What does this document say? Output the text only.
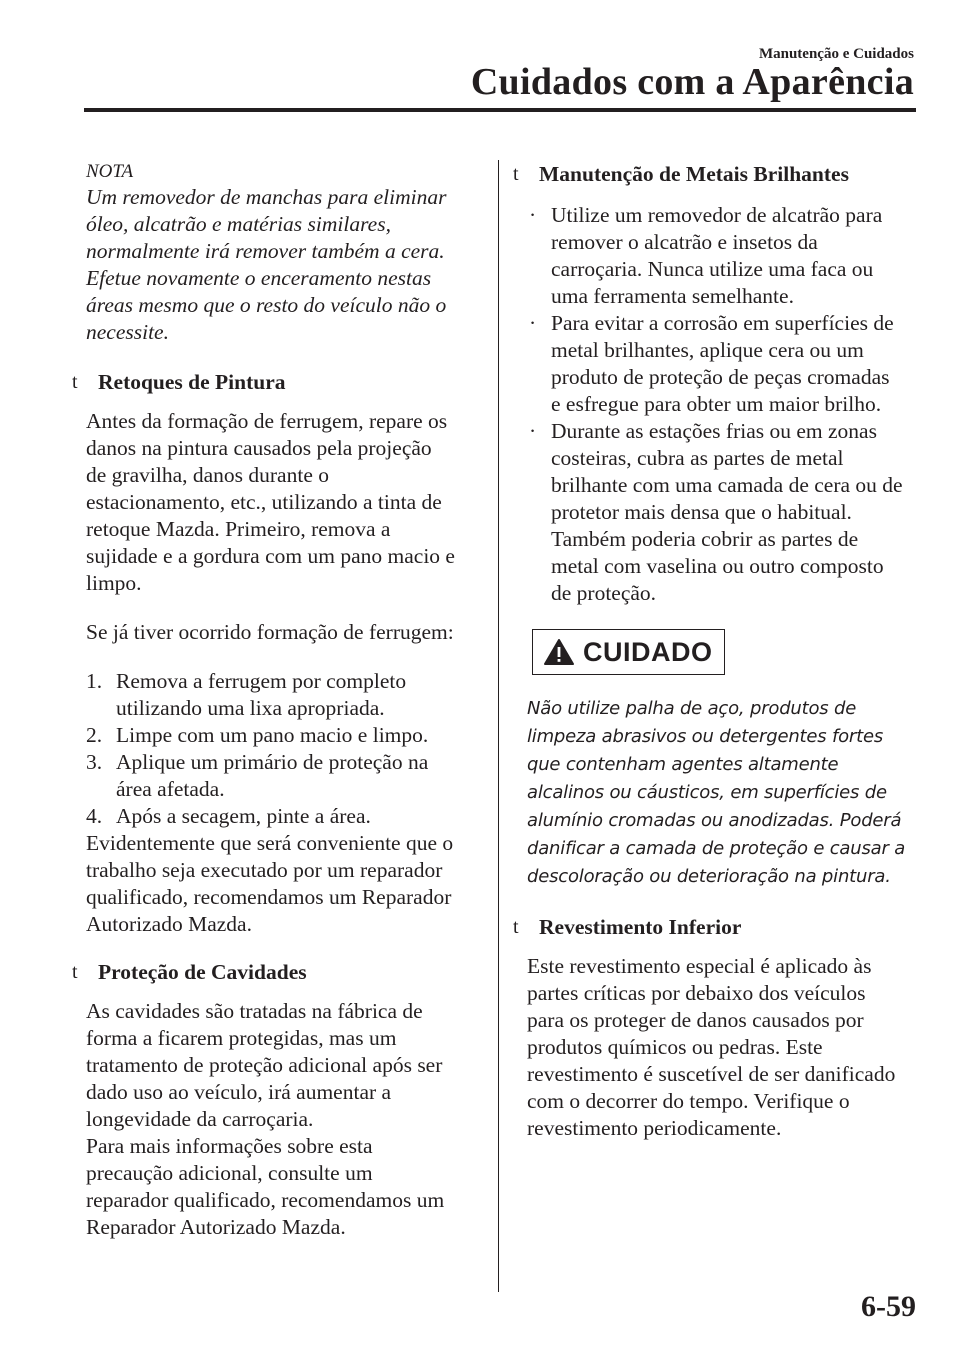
Manutenção e Cuidados
Cuidados com a Aparência

NOTA

Um removedor de manchas para eliminar

óleo, alcatrão e matérias similares,

normalmente irá remover também a cera.

Efetue novamente o enceramento nestas

áreas mesmo que o resto do veículo não o

necessite.

t Retoques de Pintura

Antes da formação de ferrugem, repare os

danos na pintura causados pela projeção

de gravilha, danos durante o

estacionamento, etc., utilizando a tinta de

retoque Mazda. Primeiro, remova a

sujidade e a gordura com um pano macio e

limpo.

Se já tiver ocorrido formação de ferrugem:

1. Remova a ferrugem por completo
utilizando uma lixa apropriada.
2. Limpe com um pano macio e limpo.
3. Aplique um primário de proteção na
área afetada.
4. Após a secagem, pinte a área.

Evidentemente que será conveniente que o

trabalho seja executado por um reparador

qualificado, recomendamos um Reparador

Autorizado Mazda.

t Proteção de Cavidades

As cavidades são tratadas na fábrica de

forma a ficarem protegidas, mas um

tratamento de proteção adicional após ser

dado uso ao veículo, irá aumentar a

longevidade da carroçaria.

Para mais informações sobre esta

precaução adicional, consulte um

reparador qualificado, recomendamos um

Reparador Autorizado Mazda.

t Manutenção de Metais Brilhantes
· Utilize um removedor de alcatrão para
remover o alcatrão e insetos da
carroçaria. Nunca utilize uma faca ou
uma ferramenta semelhante.
· Para evitar a corrosão em superfícies de
metal brilhantes, aplique cera ou um
produto de proteção de peças cromadas
e esfregue para obter um maior brilho.
· Durante as estações frias ou em zonas
costeiras, cubra as partes de metal
brilhante com uma camada de cera ou de
protetor mais densa que o habitual.
Também poderia cobrir as partes de
metal com vaselina ou outro composto
de proteção.
CUIDADO

Não utilize palha de aço, produtos de

limpeza abrasivos ou detergentes fortes

que contenham agentes altamente

alcalinos ou cáusticos, em superfícies de

alumínio cromadas ou anodizadas. Poderá

danificar a camada de proteção e causar a

descoloração ou deterioração na pintura.

t Revestimento Inferior

Este revestimento especial é aplicado às

partes críticas por debaixo dos veículos

para os proteger de danos causados por

produtos químicos ou pedras. Este

revestimento é suscetível de ser danificado

com o decorrer do tempo. Verifique o

revestimento periodicamente.

6-59
